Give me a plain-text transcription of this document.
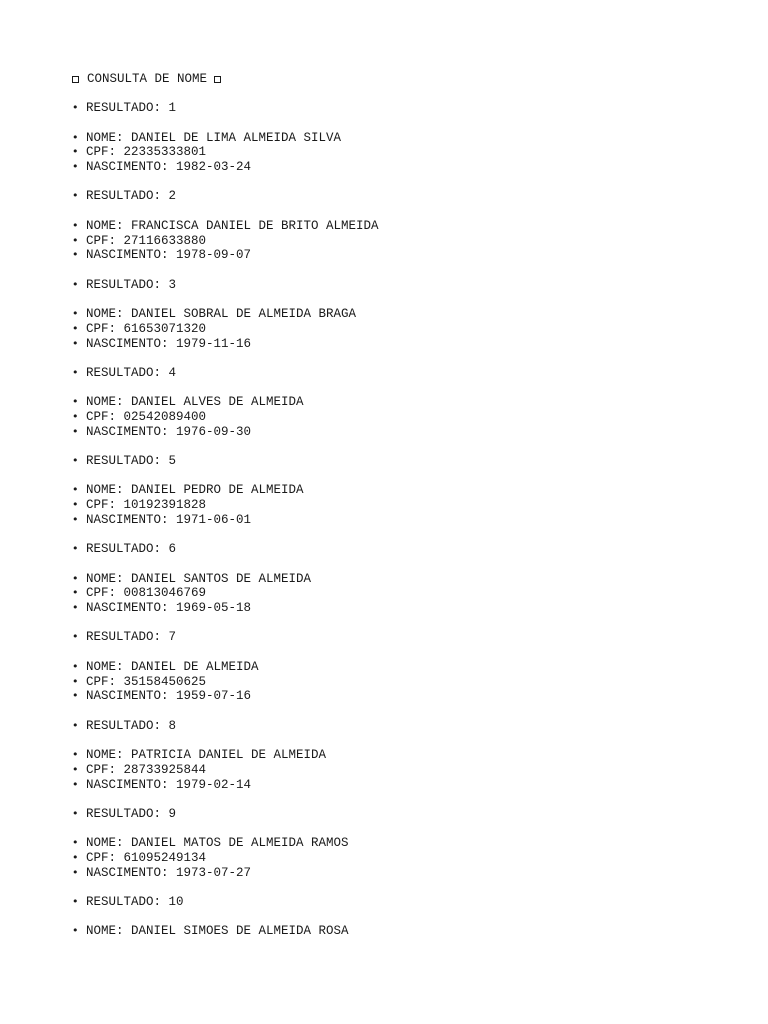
CONSULTA DE NOME
•
RESULTADO: 1
•
NOME: DANIEL DE LIMA ALMEIDA SILVA
•
CPF: 22335333801
•
NASCIMENTO: 1982-03-24
•
RESULTADO: 2
•
NOME: FRANCISCA DANIEL DE BRITO ALMEIDA
•
CPF: 27116633880
•
NASCIMENTO: 1978-09-07
•
RESULTADO: 3
•
NOME: DANIEL SOBRAL DE ALMEIDA BRAGA
•
CPF: 61653071320
•
NASCIMENTO: 1979-11-16
•
RESULTADO: 4
•
NOME: DANIEL ALVES DE ALMEIDA
•
CPF: 02542089400
•
NASCIMENTO: 1976-09-30
•
RESULTADO: 5
•
NOME: DANIEL PEDRO DE ALMEIDA
•
CPF: 10192391828
•
NASCIMENTO: 1971-06-01
•
RESULTADO: 6
•
NOME: DANIEL SANTOS DE ALMEIDA
•
CPF: 00813046769
•
NASCIMENTO: 1969-05-18
•
RESULTADO: 7
•
NOME: DANIEL DE ALMEIDA
•
CPF: 35158450625
•
NASCIMENTO: 1959-07-16
•
RESULTADO: 8
•
NOME: PATRICIA DANIEL DE ALMEIDA
•
CPF: 28733925844
•
NASCIMENTO: 1979-02-14
•
RESULTADO: 9
•
NOME: DANIEL MATOS DE ALMEIDA RAMOS
•
CPF: 61095249134
•
NASCIMENTO: 1973-07-27
•
RESULTADO: 10
•
NOME: DANIEL SIMOES DE ALMEIDA ROSA
